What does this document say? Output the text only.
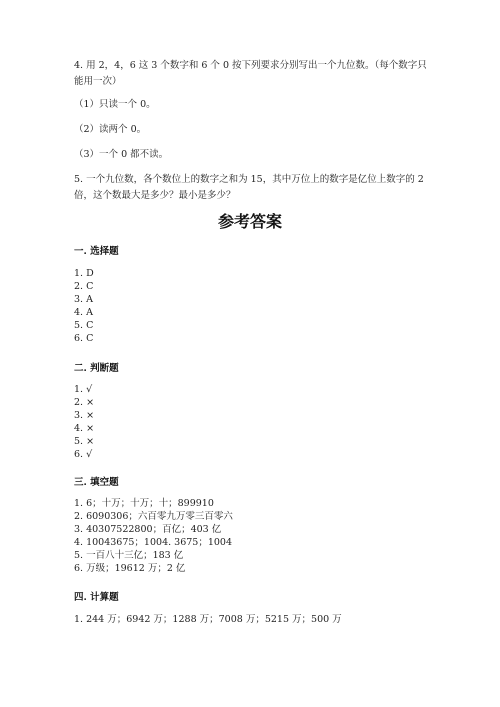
4. 用 2，4，6 这 3 个数字和 6 个 0 按下列要求分别写出一个九位数。（每个数字只能用一次）
（1）只读一个 0。
（2）读两个 0。
（3）一个 0 都不读。
5. 一个九位数，各个数位上的数字之和为 15，其中万位上的数字是亿位上数字的 2 倍，这个数最大是多少？最小是多少？
参考答案
一. 选择题
1. D
2. C
3. A
4. A
5. C
6. C
二. 判断题
1. √
2. ×
3. ×
4. ×
5. ×
6. √
三. 填空题
1. 6；十万；十万；十；899910
2. 6090306；六百零九万零三百零六
3. 40307522800；百亿；403 亿
4. 10043675；1004. 3675；1004
5. 一百八十三亿；183 亿
6. 万级；19612 万；2 亿
四. 计算题
1. 244 万；6942 万；1288 万；7008 万；5215 万；500 万
